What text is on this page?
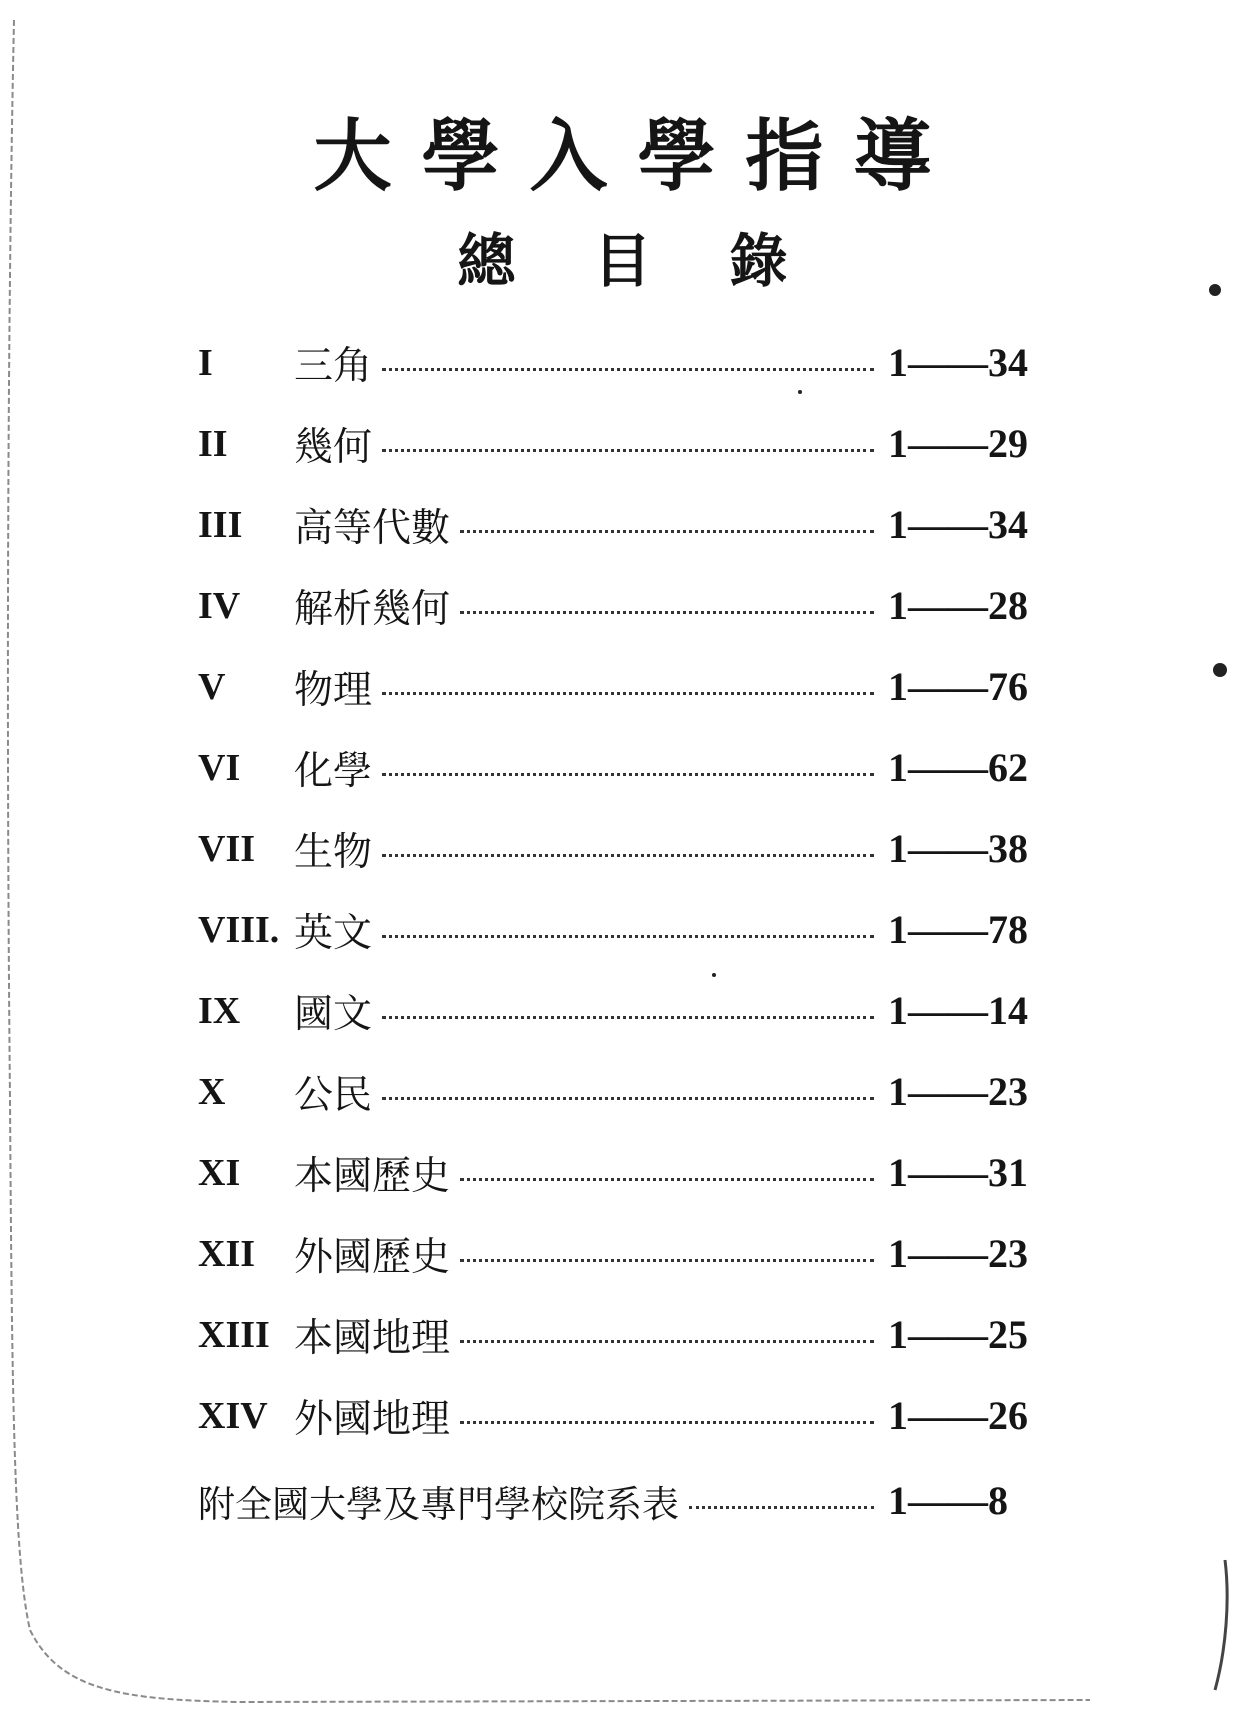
大學入學指導
總目錄
I	三角	1——34
II	幾何	1——29
III	高等代數	1——34
IV	解析幾何	1——28
V	物理	1——76
VI	化學	1——62
VII 生物	1——38
VIII. 英文	1——78
IX	國文	1——14
X	公民	1——23
XI	本國歷史	1——31
XII 外國歷史	1——23
XIII 本國地理	1——25
XIV 外國地理	1——26
附全國大學及專門學校院系表	1——8
